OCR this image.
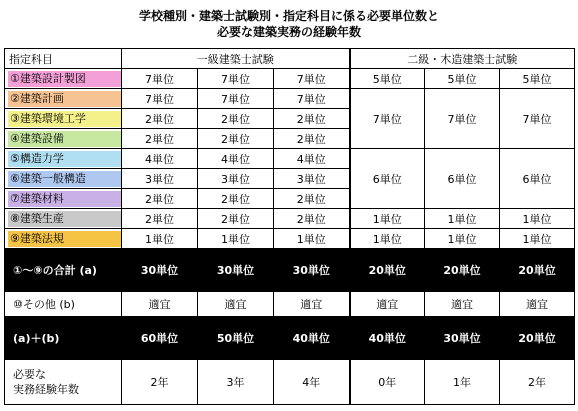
学校種別・建築士試験別・指定科目に係る必要単位数と
必要な建築実務の経験年数
指定科目	一級建築士試験			二級・木造建築士試験		

①建築設計製図	7単位	7単位	7単位	5単位	5単位	5単位

②建築計画	7単位	7単位	7単位	7単位	7単位	7単位

③建築環境工学	2単位	2単位	2単位			

④建築設備	2単位	2単位	2単位			

⑤構造力学	4単位	4単位	4単位	6単位	6単位	6単位

⑥建築一般構造	3単位	3単位	3単位			

⑦建築材料	2単位	2単位	2単位			

⑧建築生産	2単位	2単位	2単位	1単位	1単位	1単位

⑨建築法規	1単位	1単位	1単位	1単位	1単位	1単位
①～⑨の合計 (a)	30単位	30単位	30単位	20単位	20単位	20単位
⑩その他 (b)	適宜	適宜	適宜	適宜	適宜	適宜
(a)＋(b)	60単位	50単位	40単位	40単位	30単位	20単位
必要な
実務経験年数	2年	3年	4年	0年	1年	2年
